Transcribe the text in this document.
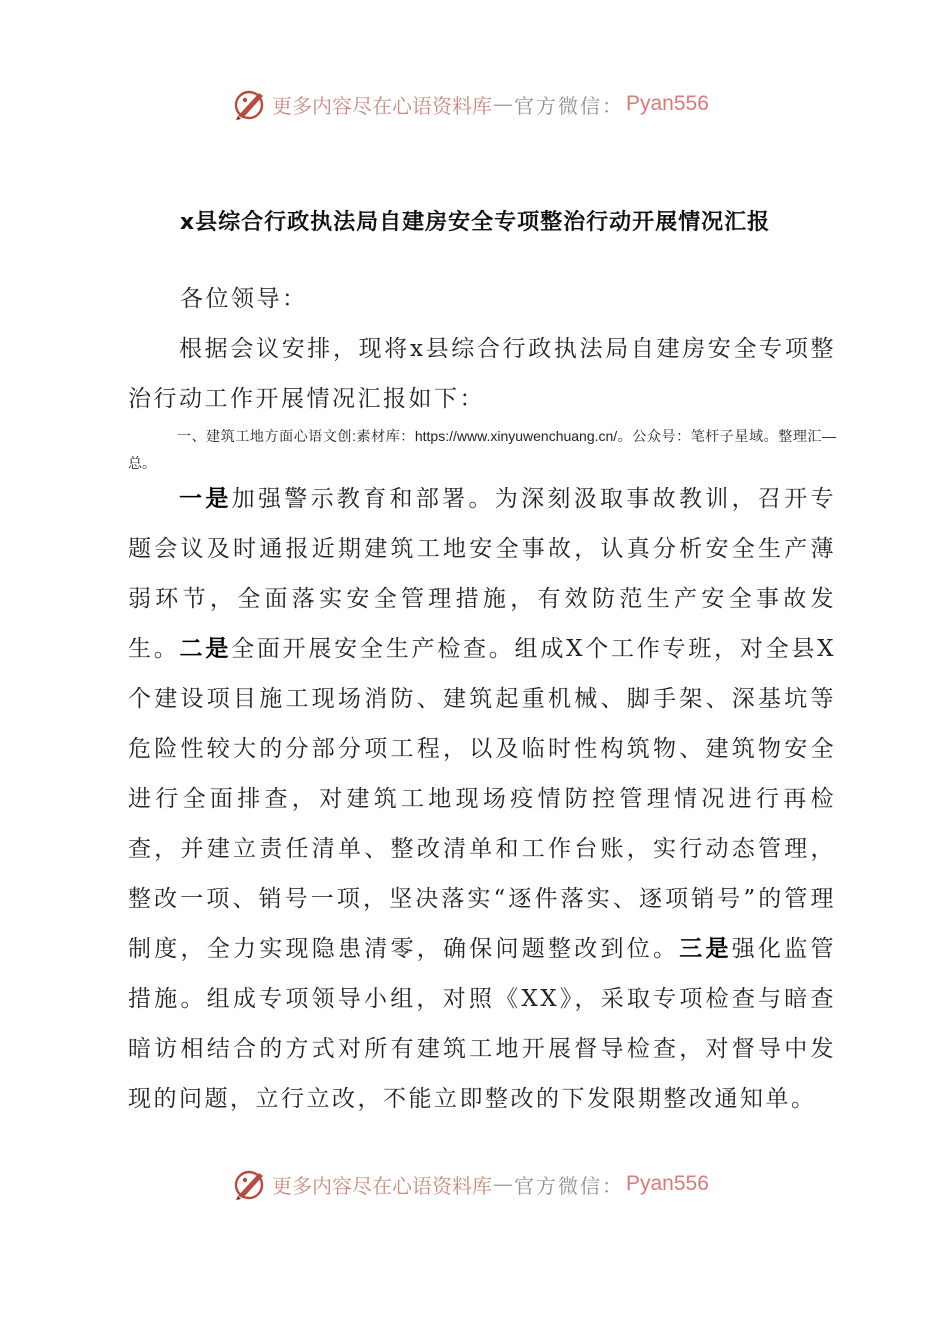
更多内容尽在心语资料库 — 官方微信： Pyan556
x县综合行政执法局自建房安全专项整治行动开展情况汇报

各位领导：

根据会议安排，现将x县综合行政执法局自建房安全专项整治行动工作开展情况汇报如下：

一、建筑工地方面心语文创:素材库：https://www.xinyuwenchuang.cn/。公众号：笔杆子星域。整理汇—总。

一是加强警示教育和部署。为深刻汲取事故教训，召开专题会议及时通报近期建筑工地安全事故，认真分析安全生产薄弱环节，全面落实安全管理措施，有效防范生产安全事故发生。二是全面开展安全生产检查。组成X个工作专班，对全县X个建设项目施工现场消防、建筑起重机械、脚手架、深基坑等危险性较大的分部分项工程，以及临时性构筑物、建筑物安全进行全面排查，对建筑工地现场疫情防控管理情况进行再检查，并建立责任清单、整改清单和工作台账，实行动态管理，整改一项、销号一项，坚决落实“逐件落实、逐项销号”的管理制度，全力实现隐患清零，确保问题整改到位。三是强化监管措施。组成专项领导小组，对照《XX》，采取专项检查与暗查暗访相结合的方式对所有建筑工地开展督导检查，对督导中发现的问题，立行立改，不能立即整改的下发限期整改通知单。

更多内容尽在心语资料库 — 官方微信： Pyan556
